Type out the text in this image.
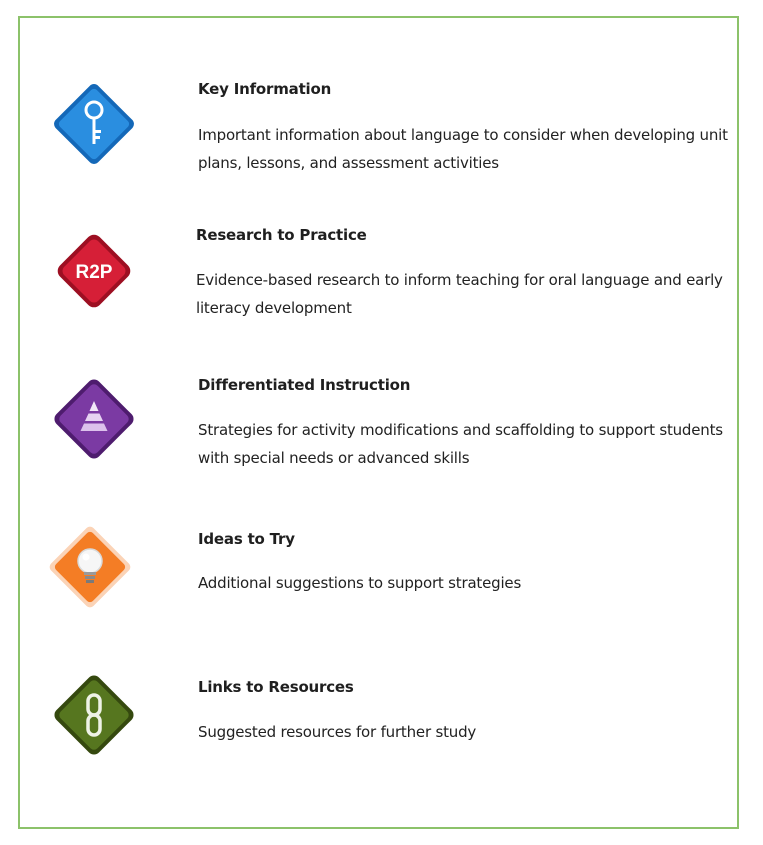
Key Information
Important information about language to consider when developing unit plans, lessons, and assessment activities
R2P
Research to Practice
Evidence-based research to inform teaching for oral language and early literacy development
Differentiated Instruction
Strategies for activity modifications and scaffolding to support students with special needs or advanced skills
Ideas to Try
Additional suggestions to support strategies
Links to Resources
Suggested resources for further study
